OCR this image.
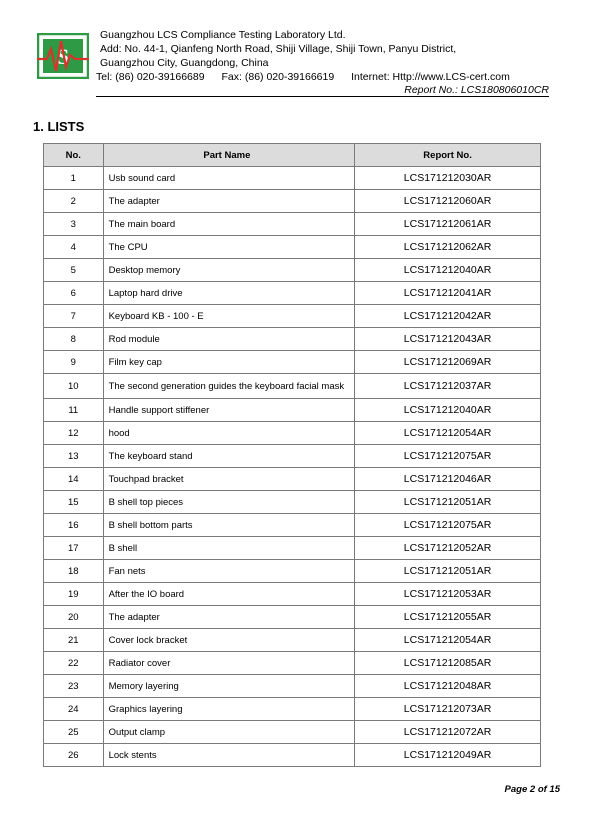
S
Guangzhou LCS Compliance Testing Laboratory Ltd.
Add: No. 44-1, Qianfeng North Road, Shiji Village, Shiji Town, Panyu District,
Guangzhou City, Guangdong, China
Tel: (86) 020-39166689 Fax: (86) 020-39166619 Internet: Http://www.LCS-cert.com
Report No.: LCS180806010CR
1. LISTS
No.	Part Name	Report No.
1	Usb sound card	LCS171212030AR
2	The adapter	LCS171212060AR
3	The main board	LCS171212061AR
4	The CPU	LCS171212062AR
5	Desktop memory	LCS171212040AR
6	Laptop hard drive	LCS171212041AR
7	Keyboard KB - 100 - E	LCS171212042AR
8	Rod module	LCS171212043AR
9	Film key cap	LCS171212069AR
10	The second generation guides the keyboard facial mask	LCS171212037AR
11	Handle support stiffener	LCS171212040AR
12	hood	LCS171212054AR
13	The keyboard stand	LCS171212075AR
14	Touchpad bracket	LCS171212046AR
15	B shell top pieces	LCS171212051AR
16	B shell bottom parts	LCS171212075AR
17	B shell	LCS171212052AR
18	Fan nets	LCS171212051AR
19	After the IO board	LCS171212053AR
20	The adapter	LCS171212055AR
21	Cover lock bracket	LCS171212054AR
22	Radiator cover	LCS171212085AR
23	Memory layering	LCS171212048AR
24	Graphics layering	LCS171212073AR
25	Output clamp	LCS171212072AR
26	Lock stents	LCS171212049AR
Page 2 of 15
